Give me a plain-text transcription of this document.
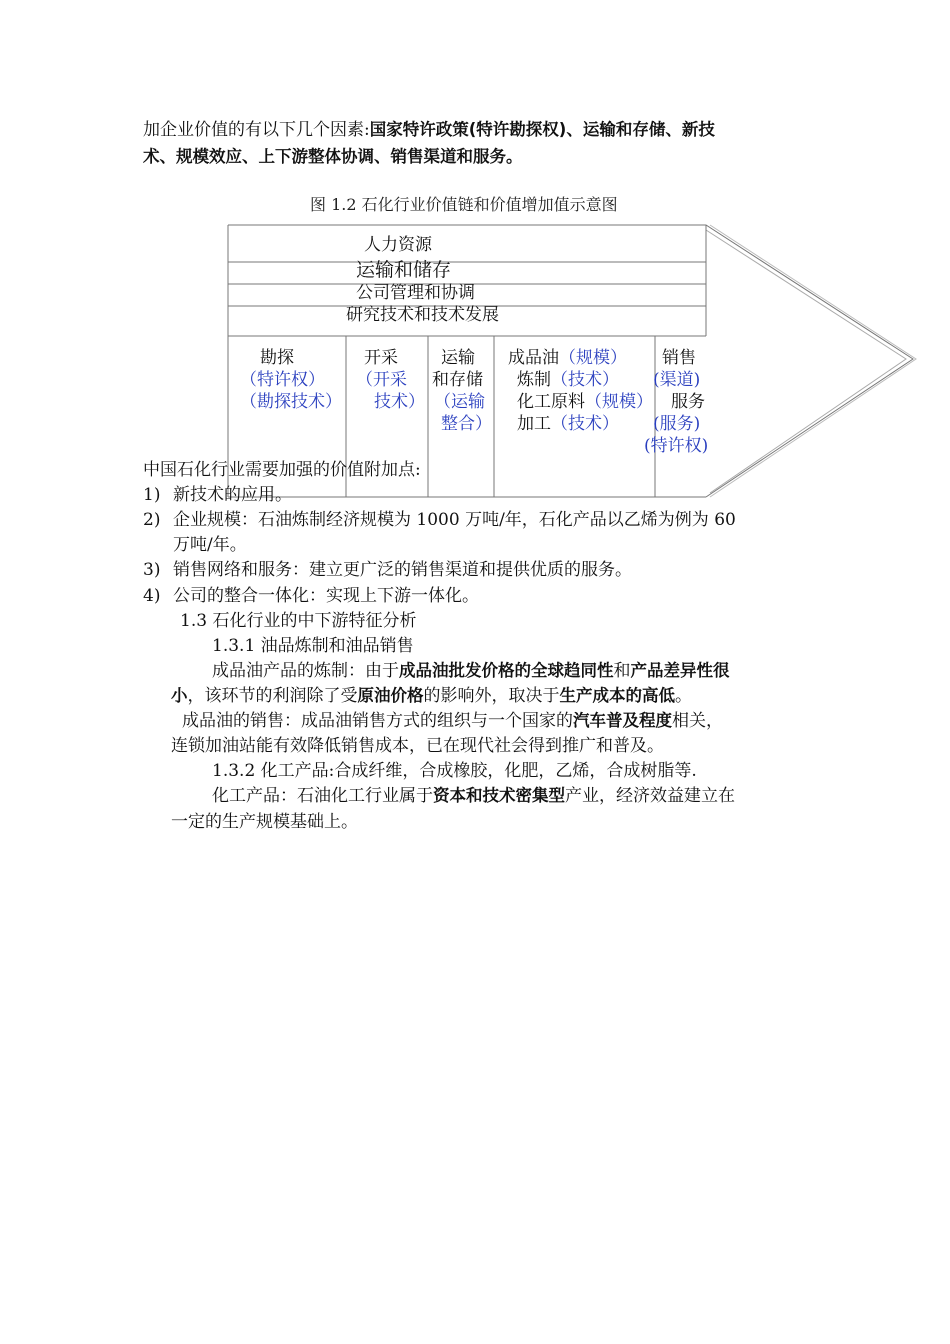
加企业价值的有以下几个因素:国家特许政策(特许勘探权)、运输和存储、新技
术、规模效应、上下游整体协调、销售渠道和服务。
图 1.2 石化行业价值链和价值增加值示意图
人力资源
运输和储存
公司管理和协调
研究技术和技术发展
勘探
（特许权）
（勘探技术）
开采
（开采
技术）
运输
和存储
（运输
整合）
成品油（规模）
炼制（技术）
化工原料（规模）
加工（技术）
销售
(渠道)
服务
(服务)
(特许权)
中国石化行业需要加强的价值附加点:
1) 新技术的应用。
2) 企业规模：石油炼制经济规模为 1000 万吨/年，石化产品以乙烯为例为 60
万吨/年。
3) 销售网络和服务：建立更广泛的销售渠道和提供优质的服务。
4) 公司的整合一体化：实现上下游一体化。
1.3 石化行业的中下游特征分析
1.3.1 油品炼制和油品销售
成品油产品的炼制：由于成品油批发价格的全球趋同性和产品差异性很
小，该环节的利润除了受原油价格的影响外，取决于生产成本的高低。
成品油的销售：成品油销售方式的组织与一个国家的汽车普及程度相关，
连锁加油站能有效降低销售成本，已在现代社会得到推广和普及。
1.3.2 化工产品:合成纤维，合成橡胶，化肥，乙烯，合成树脂等.
化工产品：石油化工行业属于资本和技术密集型产业，经济效益建立在
一定的生产规模基础上。
